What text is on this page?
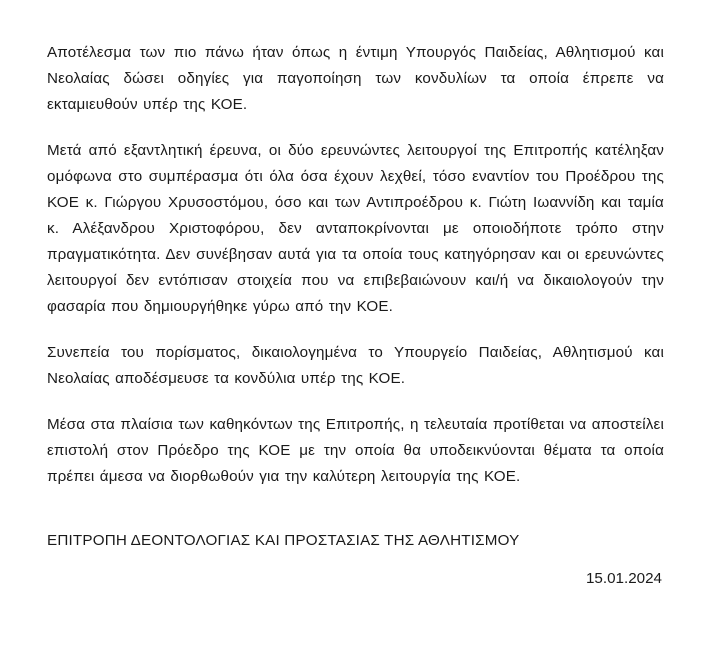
Αποτέλεσμα των πιο πάνω ήταν όπως η έντιμη Υπουργός Παιδείας, Αθλητισμού και Νεολαίας δώσει οδηγίες για παγοποίηση των κονδυλίων τα οποία έπρεπε να εκταμιευθούν υπέρ της ΚΟΕ.

Μετά από εξαντλητική έρευνα, οι δύο ερευνώντες λειτουργοί της Επιτροπής κατέληξαν ομόφωνα στο συμπέρασμα ότι όλα όσα έχουν λεχθεί, τόσο εναντίον του Προέδρου της ΚΟΕ κ. Γιώργου Χρυσοστόμου, όσο και των Αντιπροέδρου κ. Γιώτη Ιωαννίδη και ταμία κ. Αλέξανδρου Χριστοφόρου, δεν ανταποκρίνονται με οποιοδήποτε τρόπο στην πραγματικότητα. Δεν συνέβησαν αυτά για τα οποία τους κατηγόρησαν και οι ερευνώντες λειτουργοί δεν εντόπισαν στοιχεία που να επιβεβαιώνουν και/ή να δικαιολογούν την φασαρία που δημιουργήθηκε γύρω από την ΚΟΕ.

Συνεπεία του πορίσματος, δικαιολογημένα το Υπουργείο Παιδείας, Αθλητισμού και Νεολαίας αποδέσμευσε τα κονδύλια υπέρ της ΚΟΕ.

Μέσα στα πλαίσια των καθηκόντων της Επιτροπής, η τελευταία προτίθεται να αποστείλει επιστολή στον Πρόεδρο της ΚΟΕ με την οποία θα υποδεικνύονται θέματα τα οποία πρέπει άμεσα να διορθωθούν για την καλύτερη λειτουργία της ΚΟΕ.

ΕΠΙΤΡΟΠΗ ΔΕΟΝΤΟΛΟΓΙΑΣ ΚΑΙ ΠΡΟΣΤΑΣΙΑΣ ΤΗΣ ΑΘΛΗΤΙΣΜΟΥ

15.01.2024
